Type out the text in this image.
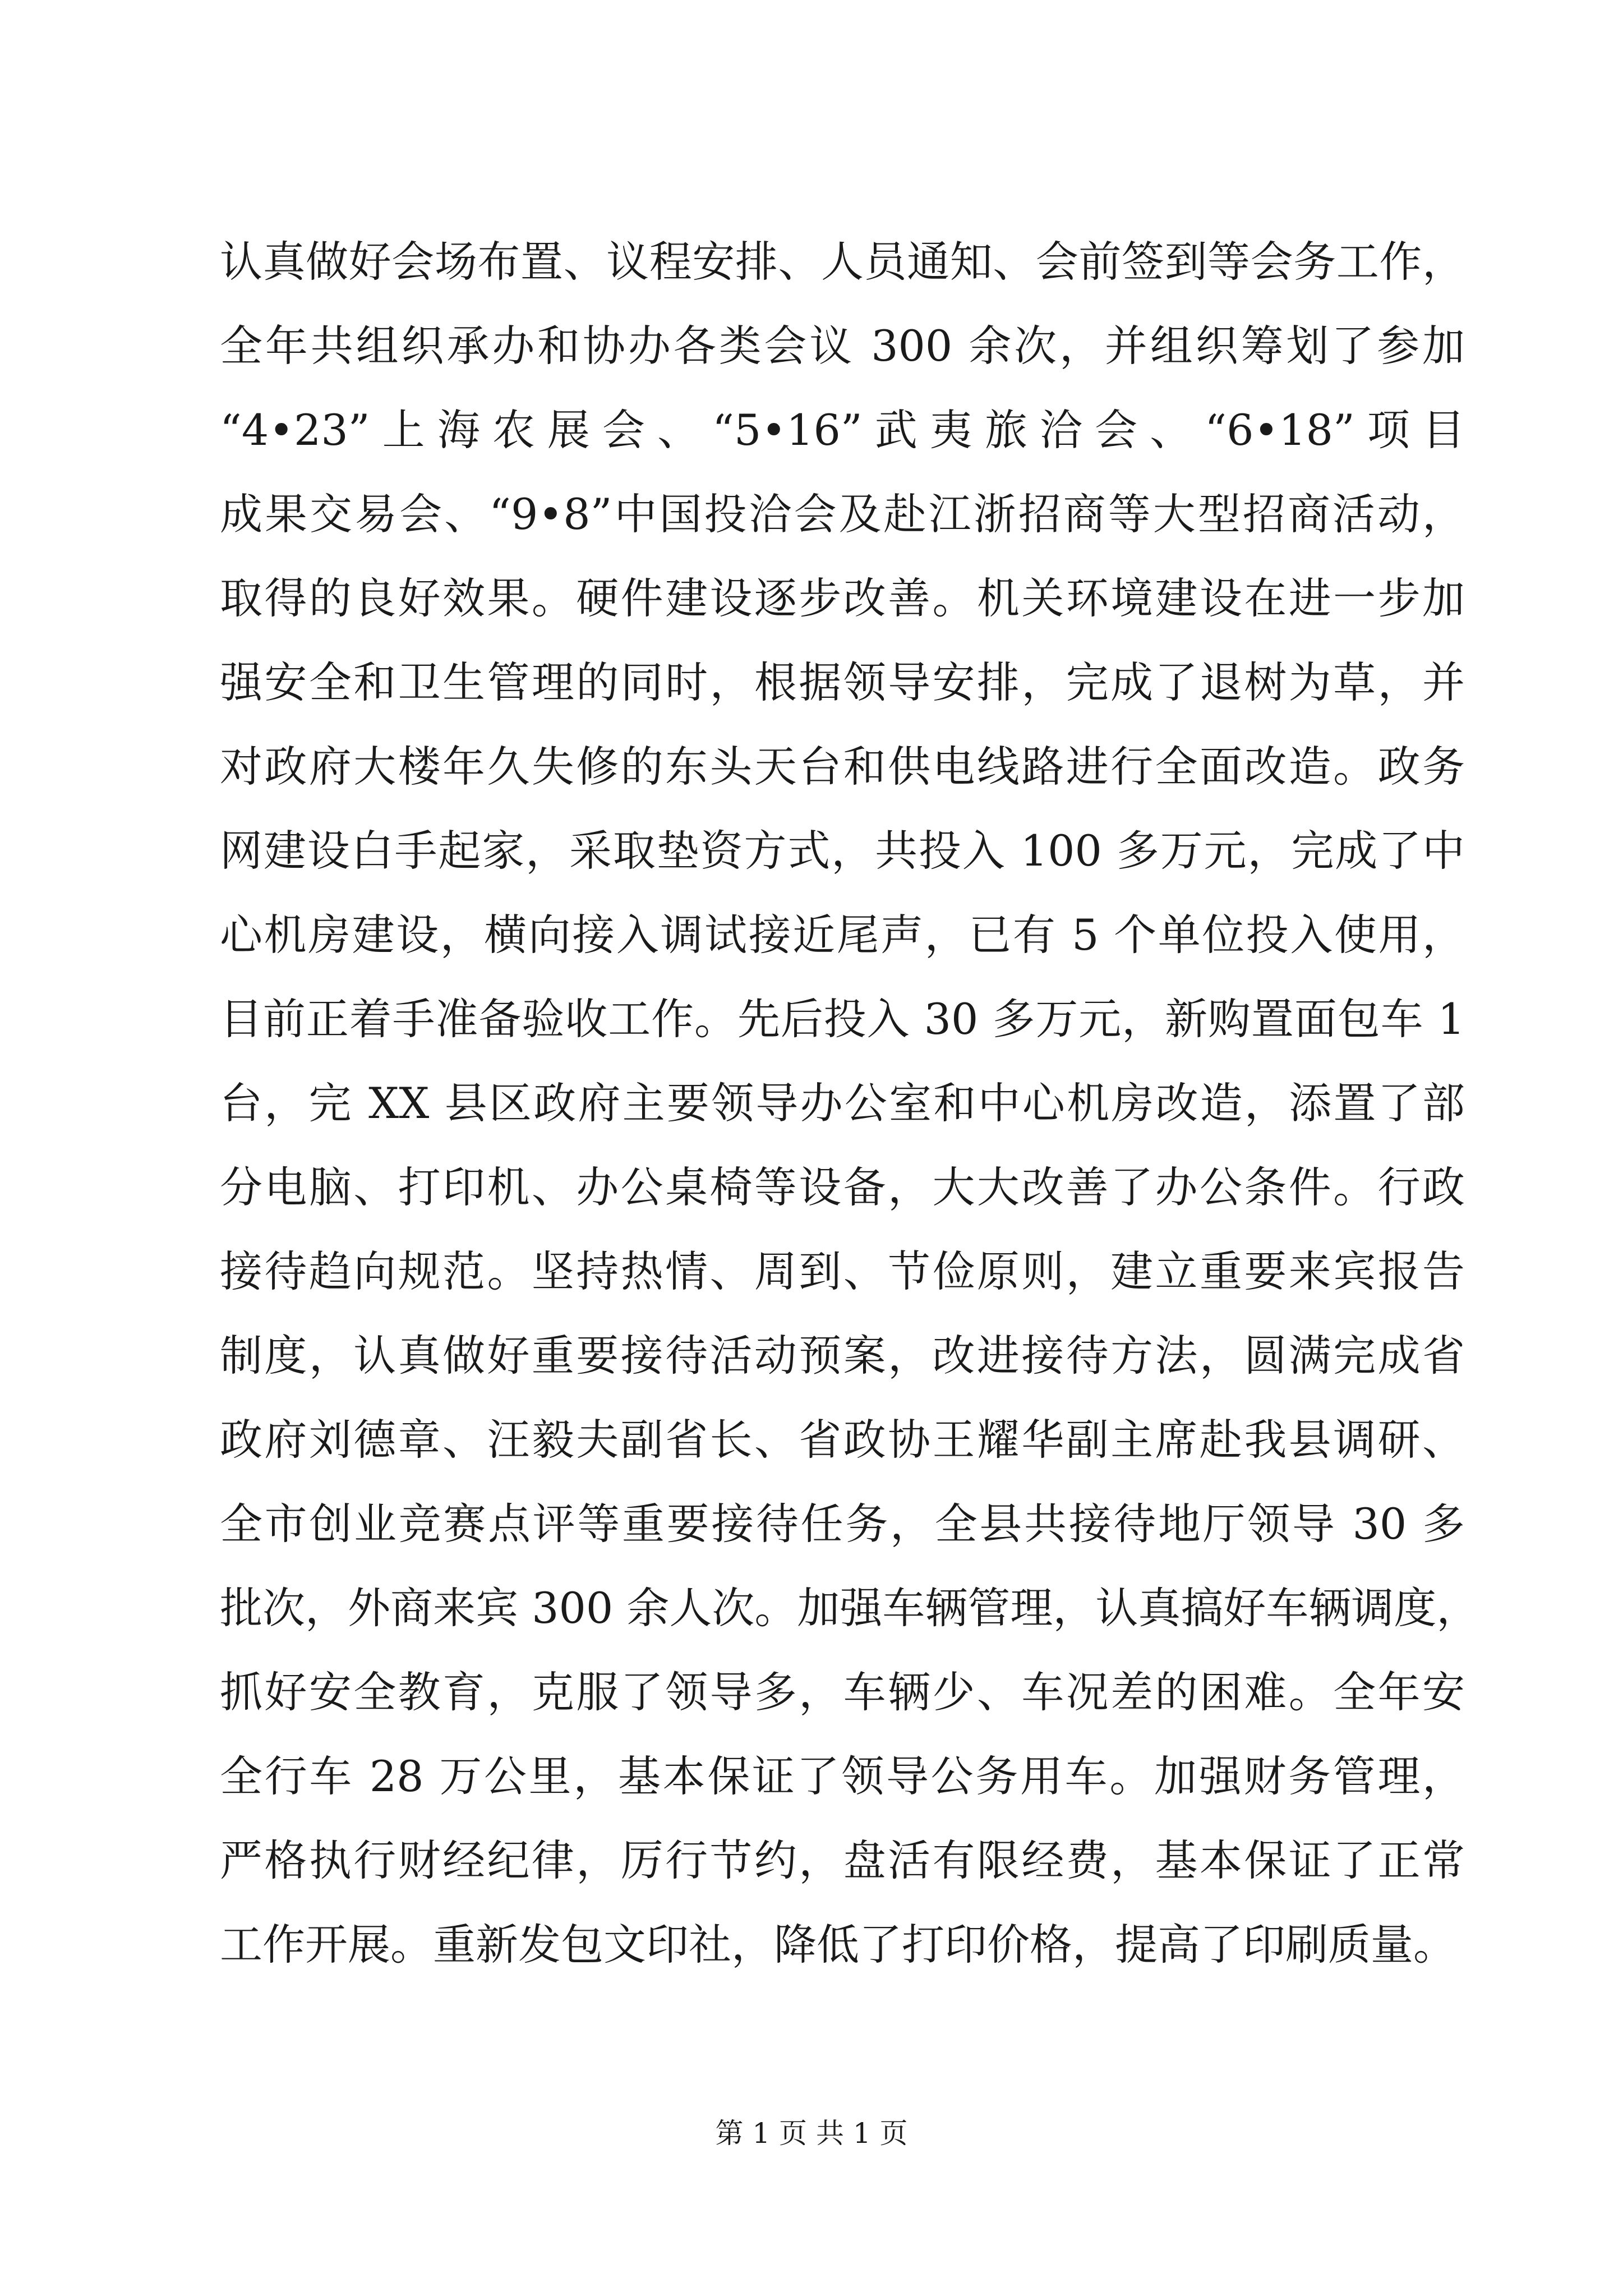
认真做好会场布置、议程安排、人员通知、会前签到等会务工作，
全年共组织承办和协办各类会议 300 余次，并组织筹划了参加
“4•23”上海农展会、“5•16”武夷旅洽会、“6•18”项目
成果交易会、“9•8”中国投洽会及赴江浙招商等大型招商活动，
取得的良好效果。硬件建设逐步改善。机关环境建设在进一步加
强安全和卫生管理的同时，根据领导安排，完成了退树为草，并
对政府大楼年久失修的东头天台和供电线路进行全面改造。政务
网建设白手起家，采取垫资方式，共投入 100 多万元，完成了中
心机房建设，横向接入调试接近尾声，已有 5 个单位投入使用，
目前正着手准备验收工作。先后投入 30 多万元，新购置面包车 1
台，完 XX 县区政府主要领导办公室和中心机房改造，添置了部
分电脑、打印机、办公桌椅等设备，大大改善了办公条件。行政
接待趋向规范。坚持热情、周到、节俭原则，建立重要来宾报告
制度，认真做好重要接待活动预案，改进接待方法，圆满完成省
政府刘德章、汪毅夫副省长、省政协王耀华副主席赴我县调研、
全市创业竞赛点评等重要接待任务，全县共接待地厅领导 30 多
批次，外商来宾 300 余人次。加强车辆管理，认真搞好车辆调度，
抓好安全教育，克服了领导多，车辆少、车况差的困难。全年安
全行车 28 万公里，基本保证了领导公务用车。加强财务管理，
严格执行财经纪律，厉行节约，盘活有限经费，基本保证了正常
工作开展。重新发包文印社，降低了打印价格，提高了印刷质量。
第 1 页 共 1 页
